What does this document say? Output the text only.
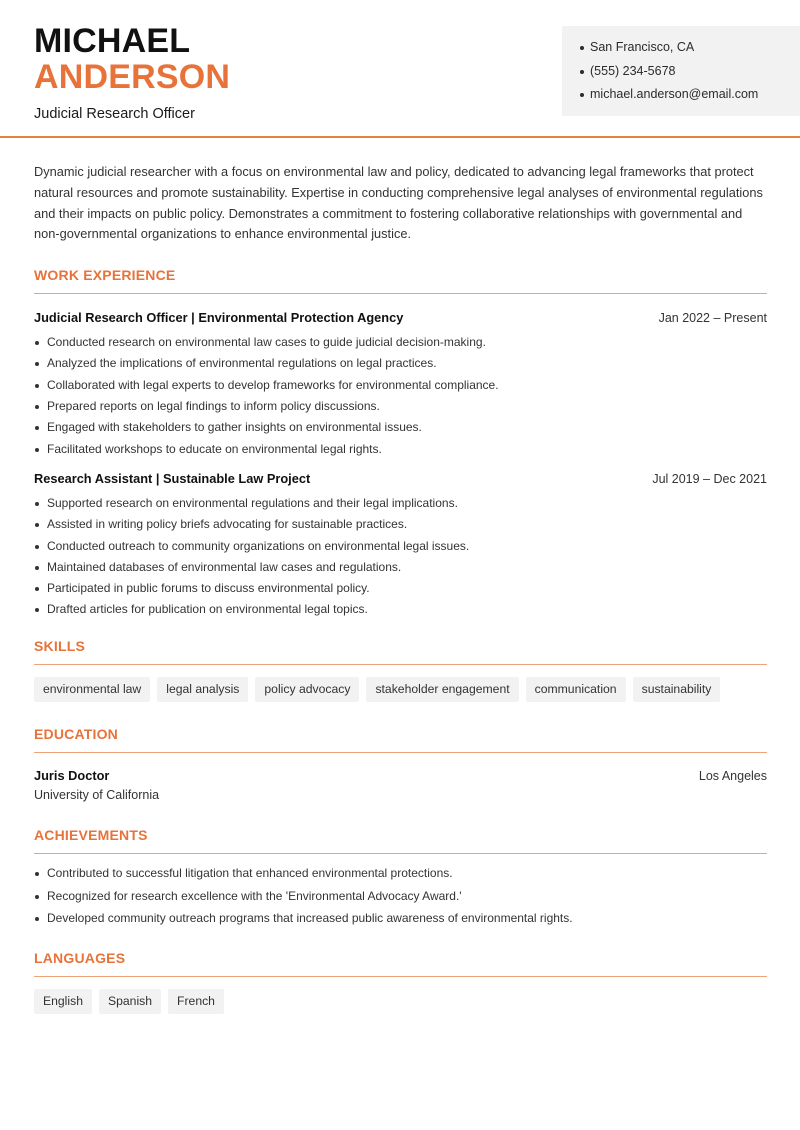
MICHAEL
ANDERSON
Judicial Research Officer
San Francisco, CA
(555) 234-5678
michael.anderson@email.com

Dynamic judicial researcher with a focus on environmental law and policy, dedicated to advancing legal frameworks that protect natural resources and promote sustainability. Expertise in conducting comprehensive legal analyses of environmental regulations and their impacts on public policy. Demonstrates a commitment to fostering collaborative relationships with governmental and non-governmental organizations to enhance environmental justice.

WORK EXPERIENCE
Judicial Research Officer | Environmental Protection Agency	Jan 2022 – Present
Conducted research on environmental law cases to guide judicial decision-making.
Analyzed the implications of environmental regulations on legal practices.
Collaborated with legal experts to develop frameworks for environmental compliance.
Prepared reports on legal findings to inform policy discussions.
Engaged with stakeholders to gather insights on environmental issues.
Facilitated workshops to educate on environmental legal rights.
Research Assistant | Sustainable Law Project	Jul 2019 – Dec 2021
Supported research on environmental regulations and their legal implications.
Assisted in writing policy briefs advocating for sustainable practices.
Conducted outreach to community organizations on environmental legal issues.
Maintained databases of environmental law cases and regulations.
Participated in public forums to discuss environmental policy.
Drafted articles for publication on environmental legal topics.
SKILLS
environmental law	legal analysis	policy advocacy	stakeholder engagement	communication	sustainability
EDUCATION
Juris Doctor	Los Angeles
University of California
ACHIEVEMENTS
Contributed to successful litigation that enhanced environmental protections.
Recognized for research excellence with the 'Environmental Advocacy Award.'
Developed community outreach programs that increased public awareness of environmental rights.
LANGUAGES
English	Spanish	French
